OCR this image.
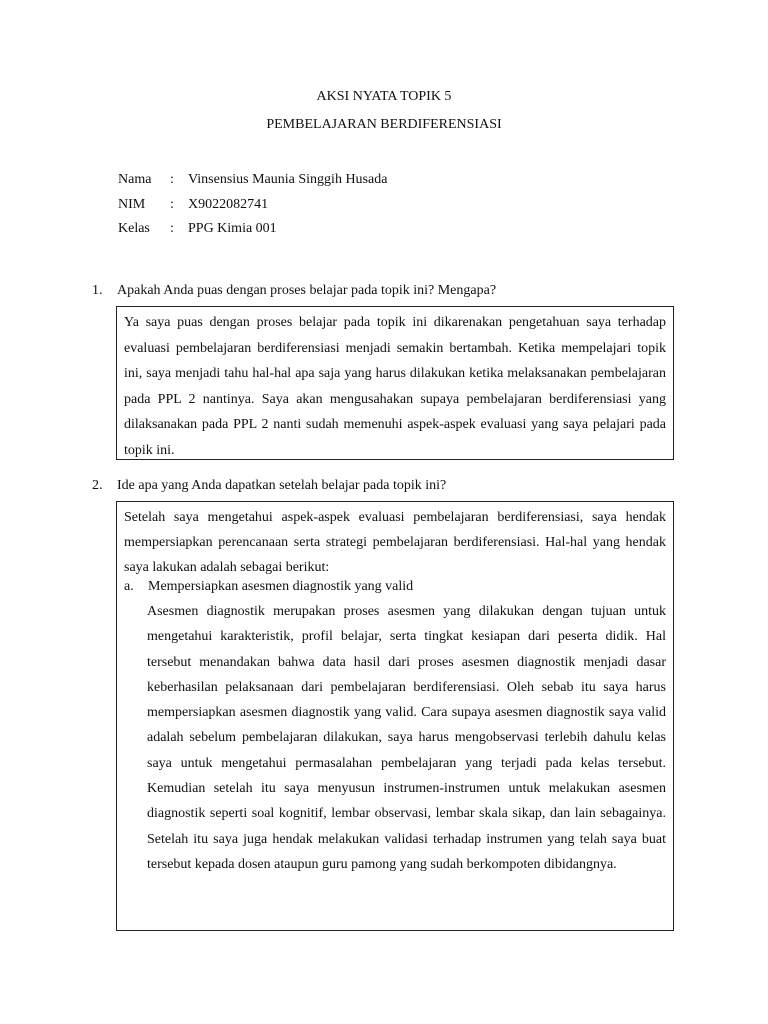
AKSI NYATA TOPIK 5
PEMBELAJARAN BERDIFERENSIASI
Nama : Vinsensius Maunia Singgih Husada
NIM : X9022082741
Kelas : PPG Kimia 001
1. Apakah Anda puas dengan proses belajar pada topik ini? Mengapa?

Ya saya puas dengan proses belajar pada topik ini dikarenakan pengetahuan saya terhadap evaluasi pembelajaran berdiferensiasi menjadi semakin bertambah. Ketika mempelajari topik ini, saya menjadi tahu hal-hal apa saja yang harus dilakukan ketika melaksanakan pembelajaran pada PPL 2 nantinya. Saya akan mengusahakan supaya pembelajaran berdiferensiasi yang dilaksanakan pada PPL 2 nanti sudah memenuhi aspek-aspek evaluasi yang saya pelajari pada topik ini.

2. Ide apa yang Anda dapatkan setelah belajar pada topik ini?

Setelah saya mengetahui aspek-aspek evaluasi pembelajaran berdiferensiasi, saya hendak mempersiapkan perencanaan serta strategi pembelajaran berdiferensiasi. Hal-hal yang hendak saya lakukan adalah sebagai berikut:

a. Mempersiapkan asesmen diagnostik yang valid

Asesmen diagnostik merupakan proses asesmen yang dilakukan dengan tujuan untuk mengetahui karakteristik, profil belajar, serta tingkat kesiapan dari peserta didik. Hal tersebut menandakan bahwa data hasil dari proses asesmen diagnostik menjadi dasar keberhasilan pelaksanaan dari pembelajaran berdiferensiasi. Oleh sebab itu saya harus mempersiapkan asesmen diagnostik yang valid. Cara supaya asesmen diagnostik saya valid adalah sebelum pembelajaran dilakukan, saya harus mengobservasi terlebih dahulu kelas saya untuk mengetahui permasalahan pembelajaran yang terjadi pada kelas tersebut. Kemudian setelah itu saya menyusun instrumen-instrumen untuk melakukan asesmen diagnostik seperti soal kognitif, lembar observasi, lembar skala sikap, dan lain sebagainya. Setelah itu saya juga hendak melakukan validasi terhadap instrumen yang telah saya buat tersebut kepada dosen ataupun guru pamong yang sudah berkompoten dibidangnya.
